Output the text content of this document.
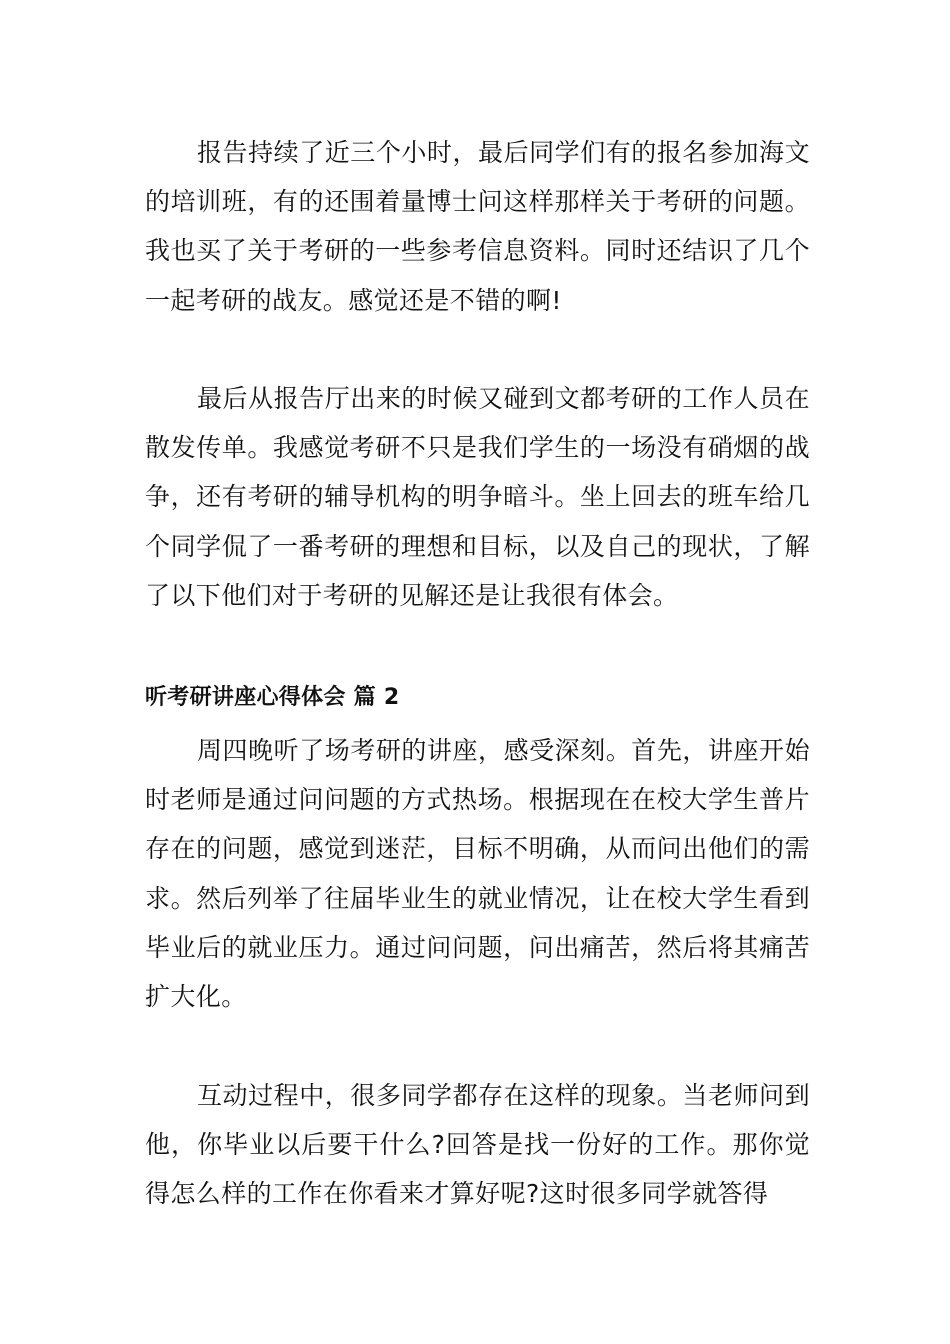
报告持续了近三个小时，最后同学们有的报名参加海文的培训班，有的还围着量博士问这样那样关于考研的问题。我也买了关于考研的一些参考信息资料。同时还结识了几个一起考研的战友。感觉还是不错的啊!

最后从报告厅出来的时候又碰到文都考研的工作人员在散发传单。我感觉考研不只是我们学生的一场没有硝烟的战争，还有考研的辅导机构的明争暗斗。坐上回去的班车给几个同学侃了一番考研的理想和目标，以及自己的现状，了解了以下他们对于考研的见解还是让我很有体会。

听考研讲座心得体会 篇 2

周四晚听了场考研的讲座，感受深刻。首先，讲座开始时老师是通过问问题的方式热场。根据现在在校大学生普片存在的问题，感觉到迷茫，目标不明确，从而问出他们的需求。然后列举了往届毕业生的就业情况，让在校大学生看到毕业后的就业压力。通过问问题，问出痛苦，然后将其痛苦扩大化。

互动过程中，很多同学都存在这样的现象。当老师问到他，你毕业以后要干什么?回答是找一份好的工作。那你觉得怎么样的工作在你看来才算好呢?这时很多同学就答得
